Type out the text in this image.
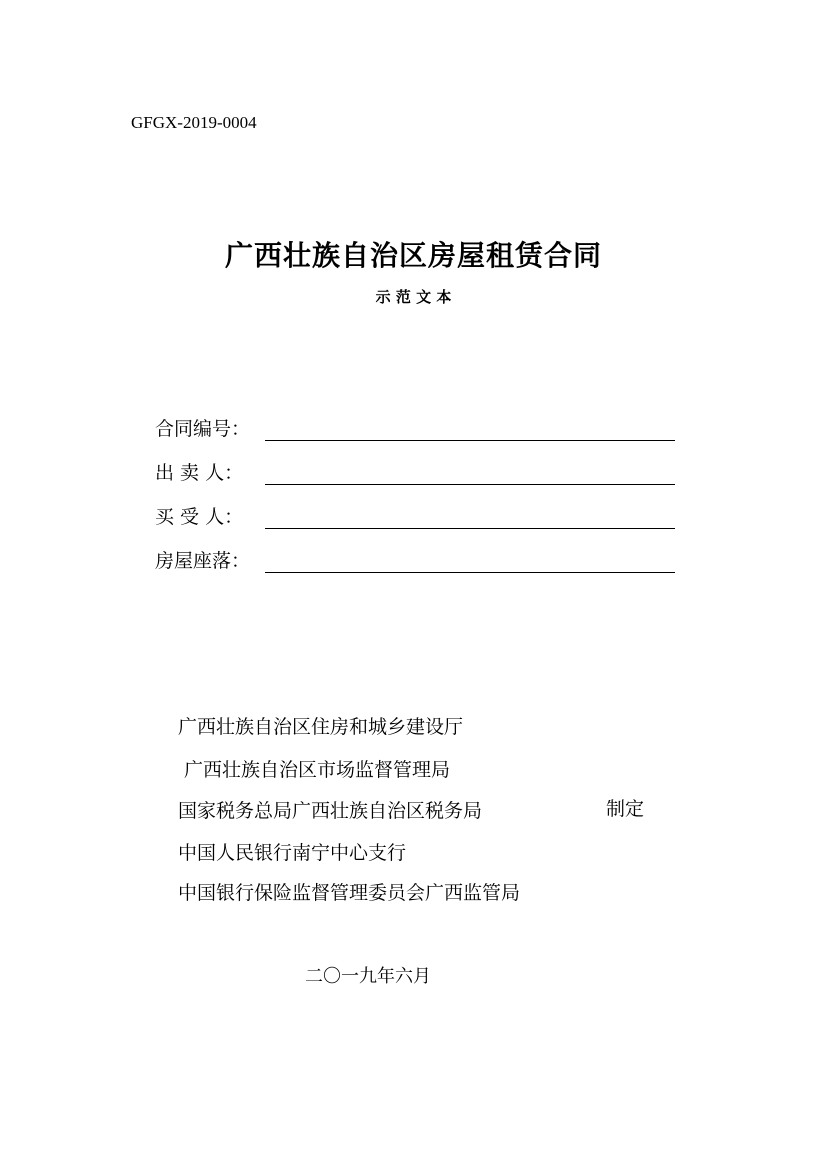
GFGX-2019-0004
广西壮族自治区房屋租赁合同
示 范 文 本
合同编号：
出 卖 人：
买 受 人：
房屋座落：
广西壮族自治区住房和城乡建设厅
广西壮族自治区市场监督管理局
国家税务总局广西壮族自治区税务局
中国人民银行南宁中心支行
中国银行保险监督管理委员会广西监管局
制定
二〇一九年六月
